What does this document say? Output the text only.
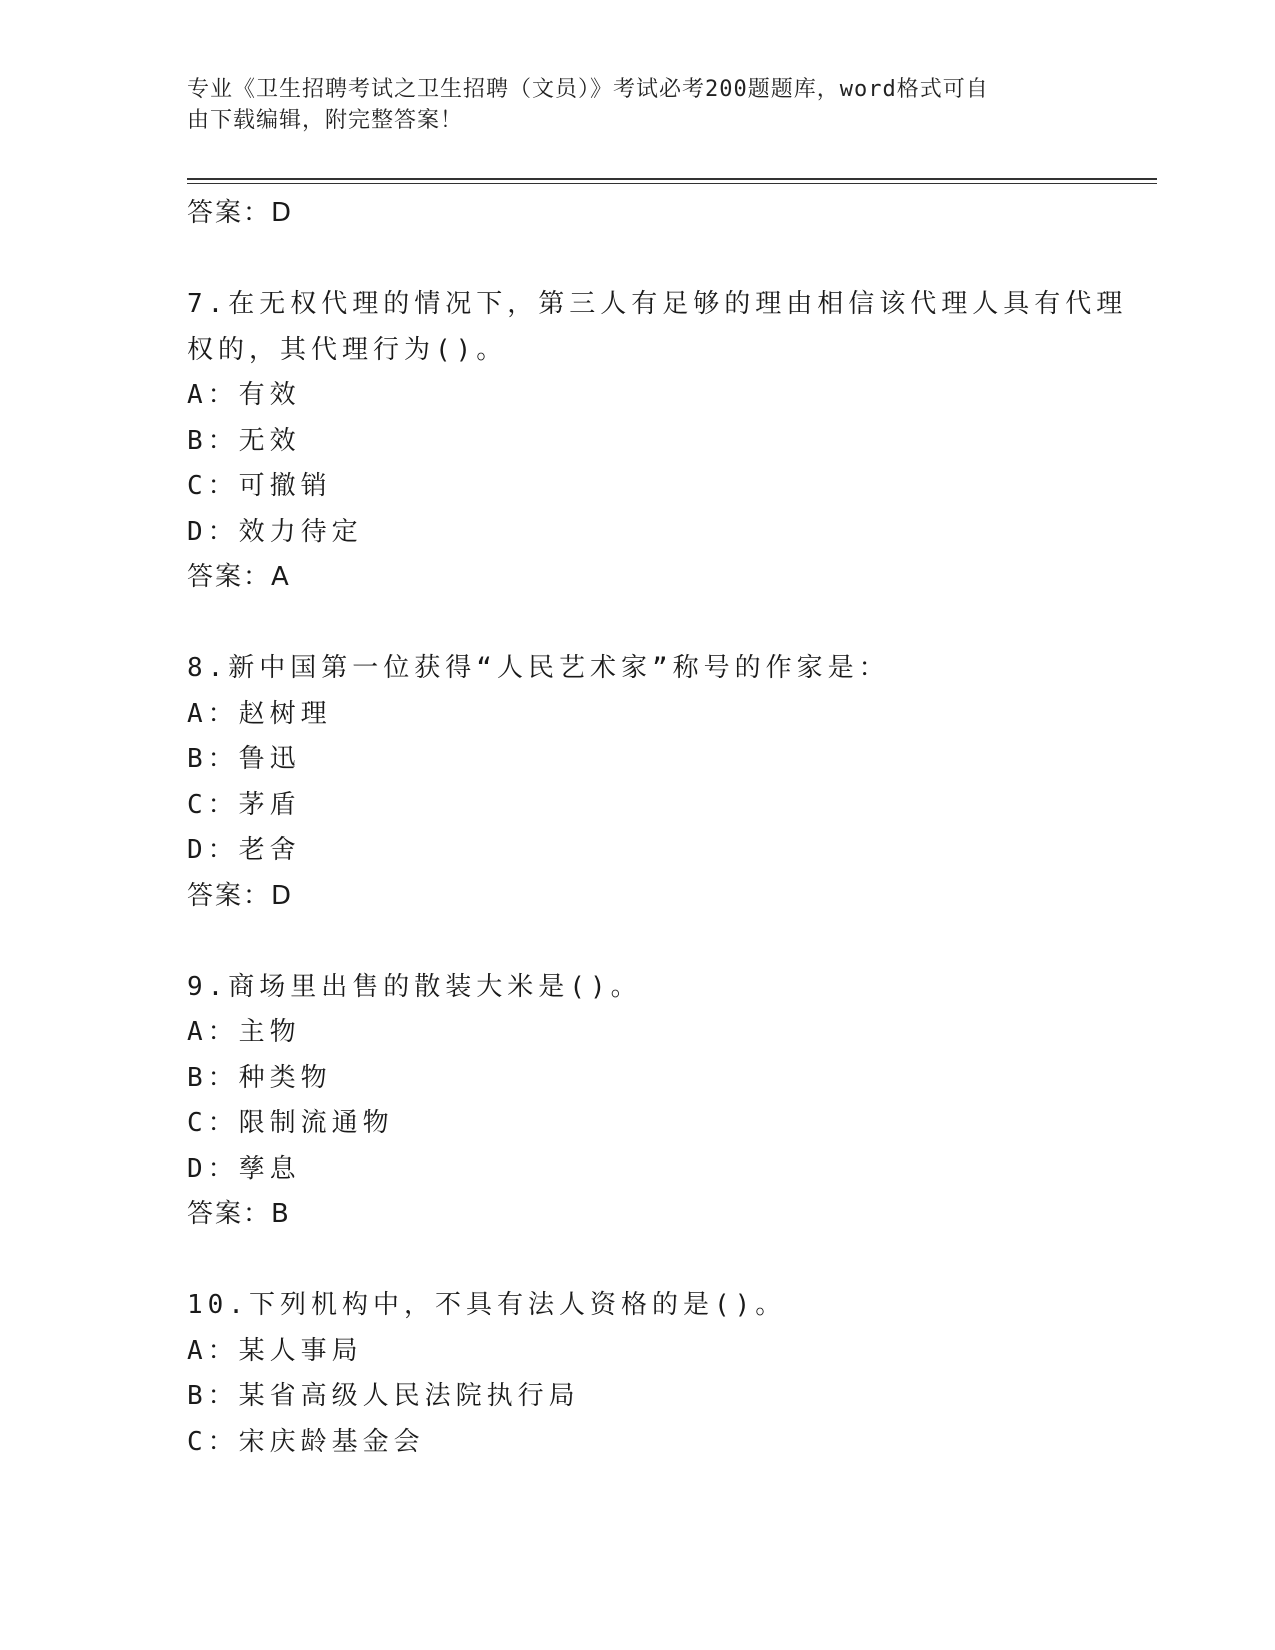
专业《卫生招聘考试之卫生招聘（文员）》考试必考200题题库，word格式可自
由下载编辑，附完整答案！
答案：D
7.在无权代理的情况下，第三人有足够的理由相信该代理人具有代理
权的，其代理行为()。
A：有效
B：无效
C：可撤销
D：效力待定
答案：A
8.新中国第一位获得“人民艺术家”称号的作家是：
A：赵树理
B：鲁迅
C：茅盾
D：老舍
答案：D
9.商场里出售的散装大米是()。
A：主物
B：种类物
C：限制流通物
D：孳息
答案：B
10.下列机构中，不具有法人资格的是()。
A：某人事局
B：某省高级人民法院执行局
C：宋庆龄基金会
